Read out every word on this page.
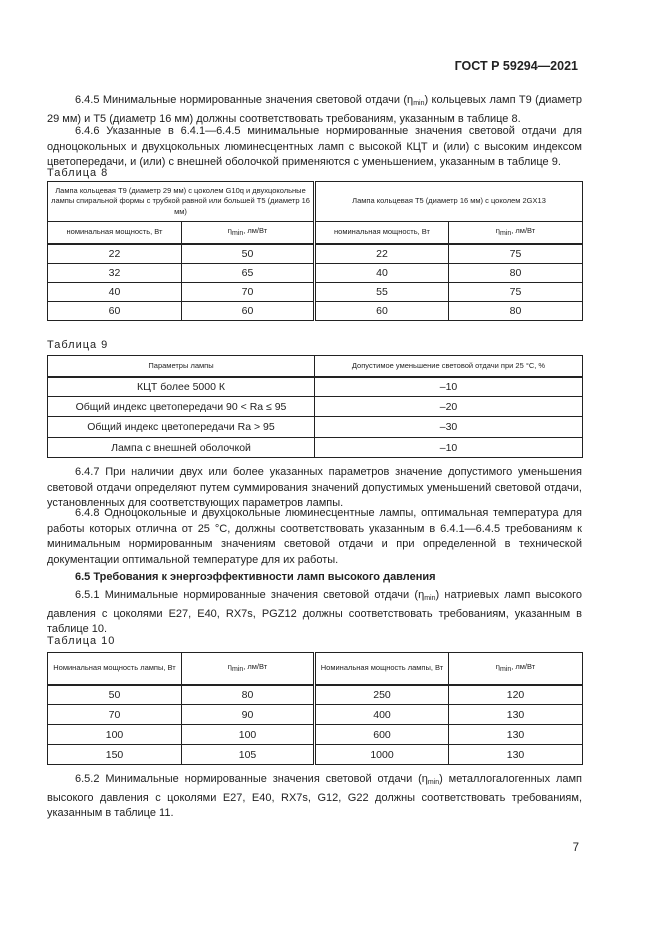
ГОСТ Р 59294—2021
6.4.5 Минимальные нормированные значения световой отдачи $(\eta_{min})$ кольцевых ламп Т9 (диаметр 29 мм) и Т5 (диаметр 16 мм) должны соответствовать требованиям, указанным в таблице 8.
6.4.6 Указанные в 6.4.1—6.4.5 минимальные нормированные значения световой отдачи для одноцокольных и двухцокольных люминесцентных ламп с высокой КЦТ и (или) с высоким индексом цветопередачи, и (или) с внешней оболочкой применяются с уменьшением, указанным в таблице 9.
Таблица 8
Лампа кольцевая Т9 (диаметр 29 мм) с цоколем G10q и двухцокольные лампы спиральной формы с трубкой равной или большей Т5 (диаметр 16 мм)		Лампа кольцевая Т5 (диаметр 16 мм) с цоколем 2GX13	
номинальная мощность, Вт	$\eta_{min}$, лм/Вт	номинальная мощность, Вт	$\eta_{min}$, лм/Вт
22	50	22	75
32	65	40	80
40	70	55	75
60	60	60	80
Таблица 9
Параметры лампы	Допустимое уменьшение световой отдачи при 25 °С, %
КЦТ более 5000 К	–10
Общий индекс цветопередачи 90 < Ra ≤ 95	–20
Общий индекс цветопередачи Ra > 95	–30
Лампа с внешней оболочкой	–10
6.4.7 При наличии двух или более указанных параметров значение допустимого уменьшения световой отдачи определяют путем суммирования значений допустимых уменьшений световой отдачи, установленных для соответствующих параметров лампы.
6.4.8 Одноцокольные и двухцокольные люминесцентные лампы, оптимальная температура для работы которых отлична от 25 °С, должны соответствовать указанным в 6.4.1—6.4.5 требованиям к минимальным нормированным значениям световой отдачи и при определенной в технической документации оптимальной температуре для их работы.
6.5 Требования к энергоэффективности ламп высокого давления
6.5.1 Минимальные нормированные значения световой отдачи $(\eta_{min})$ натриевых ламп высокого давления с цоколями Е27, Е40, RX7s, PGZ12 должны соответствовать требованиям, указанным в таблице 10.
Таблица 10
Номинальная мощность лампы, Вт	$\eta_{min}$, лм/Вт	Номинальная мощность лампы, Вт	$\eta_{min}$, лм/Вт
50	80	250	120
70	90	400	130
100	100	600	130
150	105	1000	130
6.5.2 Минимальные нормированные значения световой отдачи $(\eta_{min})$ металлогалогенных ламп высокого давления с цоколями Е27, Е40, RX7s, G12, G22 должны соответствовать требованиям, указанным в таблице 11.
7
